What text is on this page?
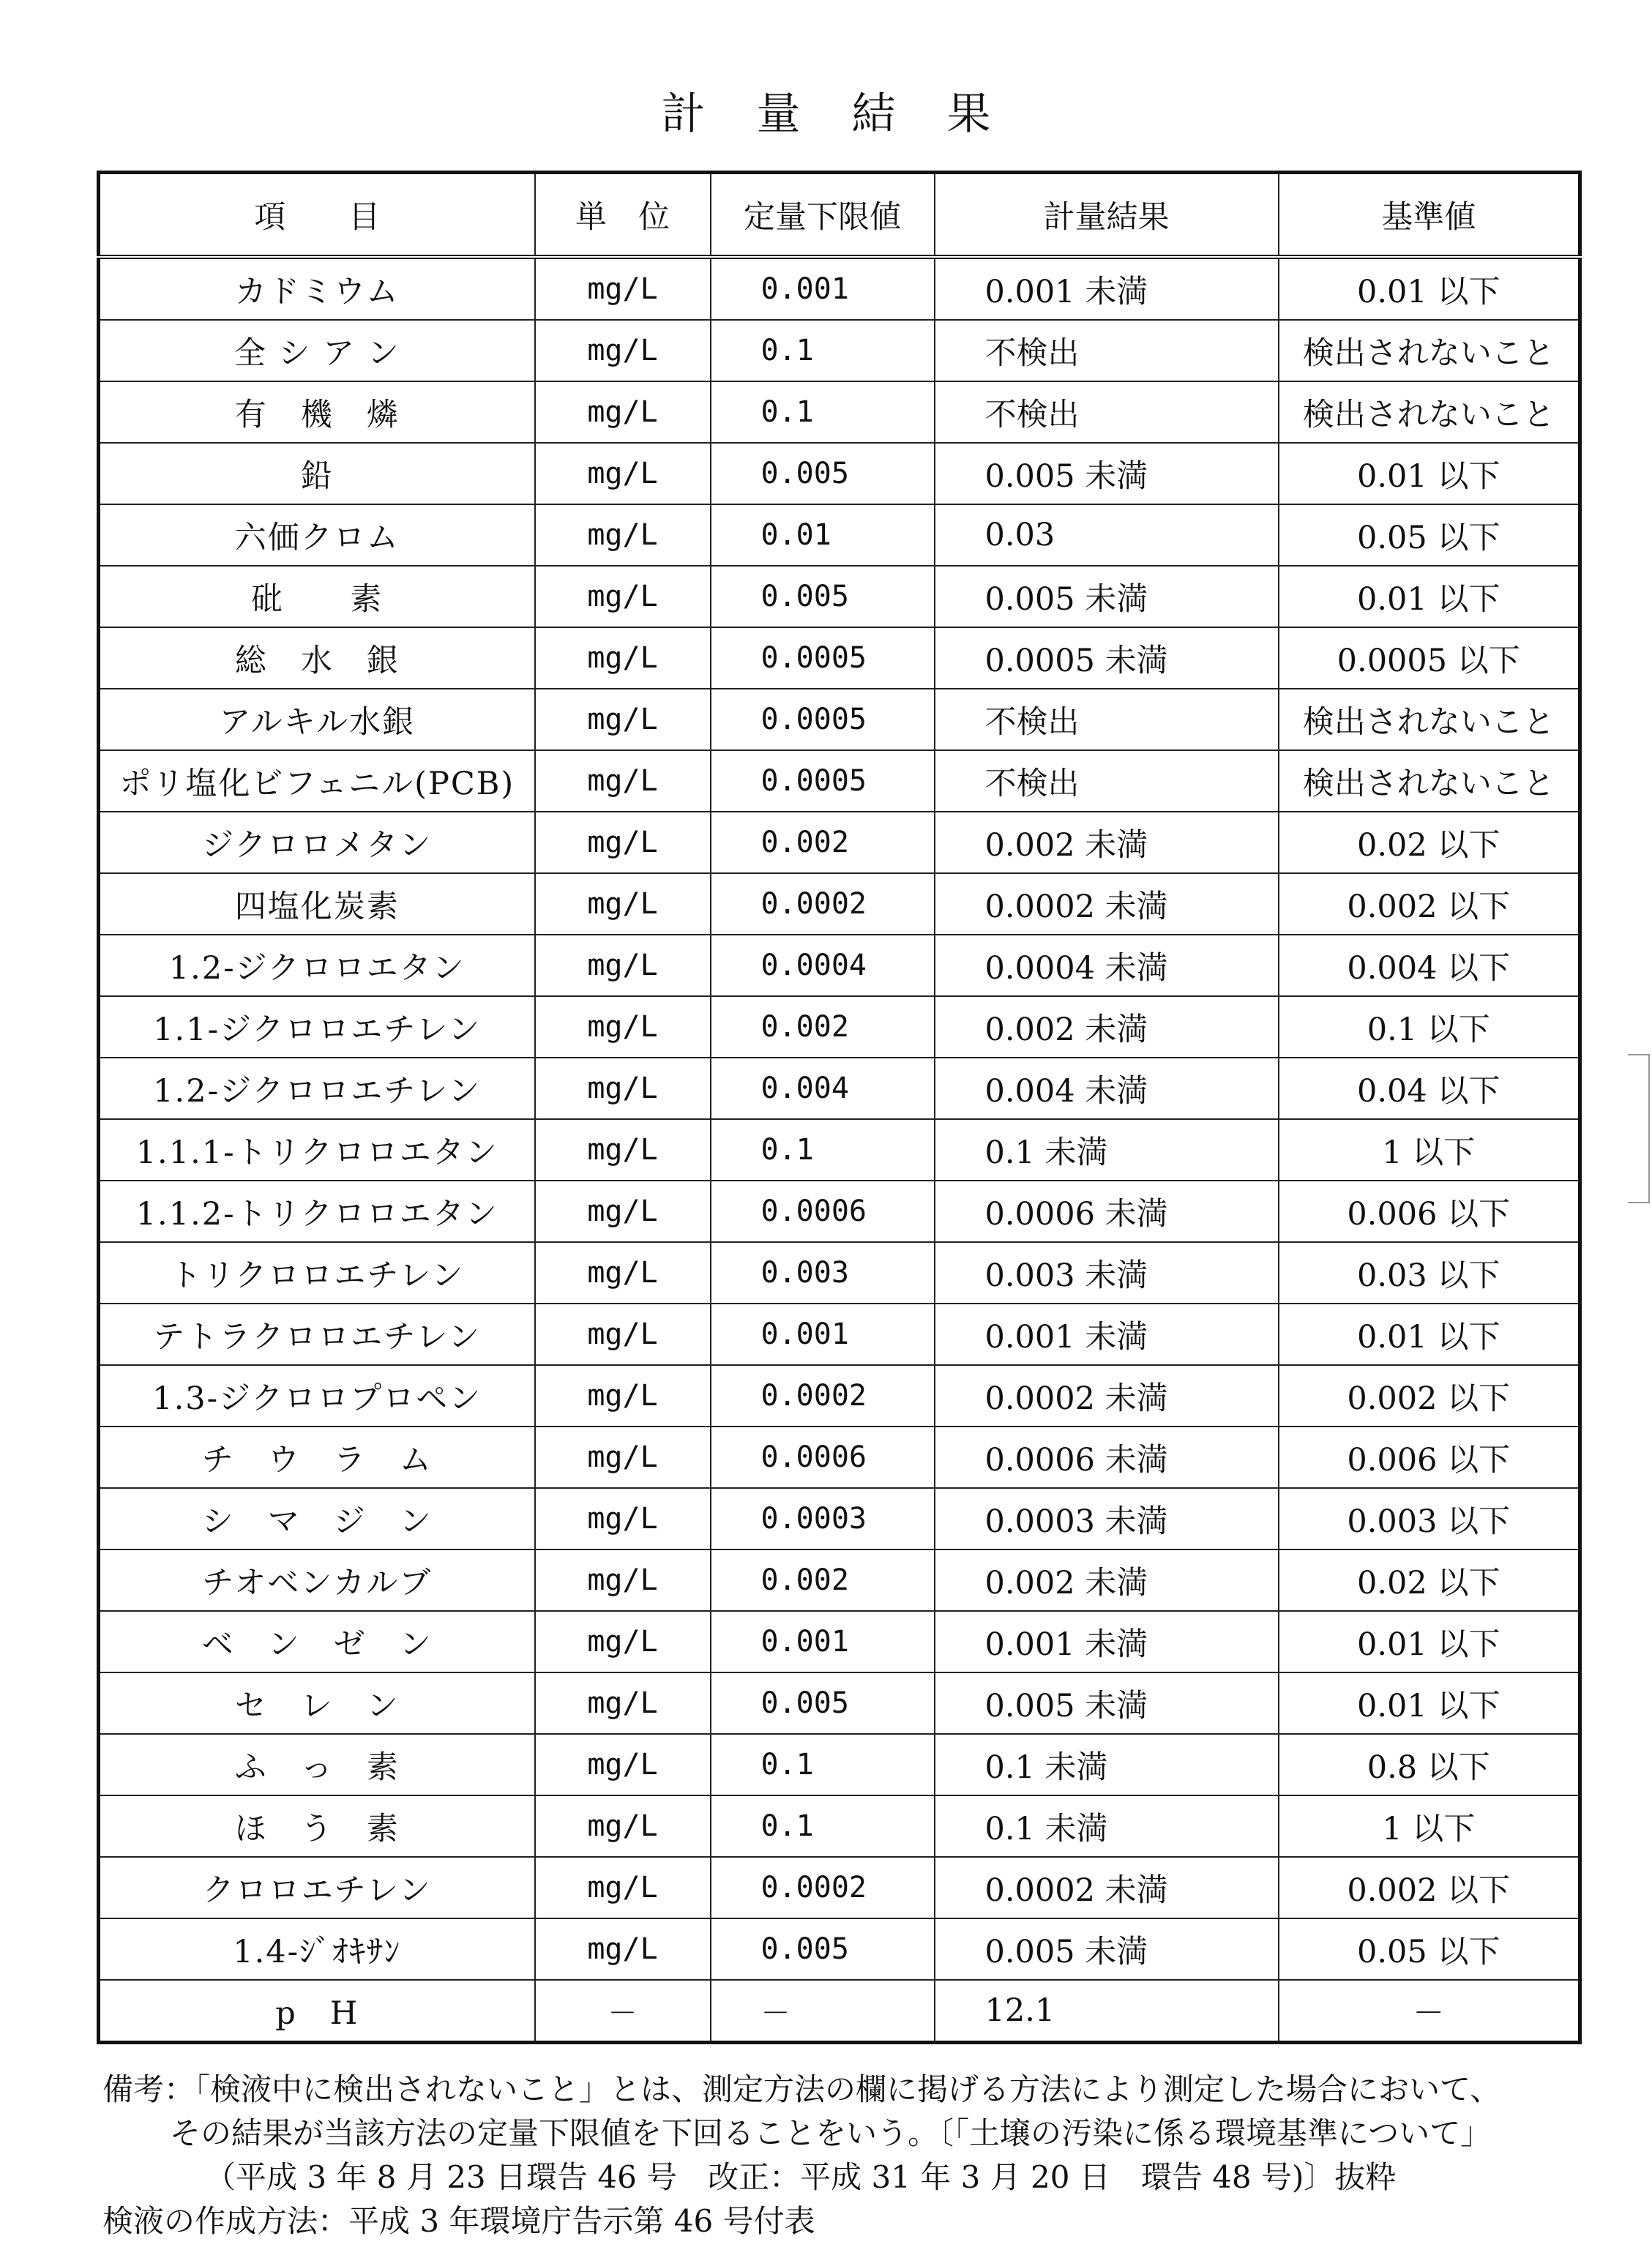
計量結果
項　　目	単　位	定量下限値	計量結果	基準値
カドミウム	mg/L	0.001	0.001 未満	0.01 以下
全 シ ア ン	mg/L	0.1	不検出	検出されないこと
有　機　燐	mg/L	0.1	不検出	検出されないこと
鉛	mg/L	0.005	0.005 未満	0.01 以下
六価クロム	mg/L	0.01	0.03	0.05 以下
砒　　素	mg/L	0.005	0.005 未満	0.01 以下
総　水　銀	mg/L	0.0005	0.0005 未満	0.0005 以下
アルキル水銀	mg/L	0.0005	不検出	検出されないこと
ポリ塩化ビフェニル(PCB)	mg/L	0.0005	不検出	検出されないこと
ジクロロメタン	mg/L	0.002	0.002 未満	0.02 以下
四塩化炭素	mg/L	0.0002	0.0002 未満	0.002 以下
1.2-ジクロロエタン	mg/L	0.0004	0.0004 未満	0.004 以下
1.1-ジクロロエチレン	mg/L	0.002	0.002 未満	0.1 以下
1.2-ジクロロエチレン	mg/L	0.004	0.004 未満	0.04 以下
1.1.1-トリクロロエタン	mg/L	0.1	0.1 未満	1 以下
1.1.2-トリクロロエタン	mg/L	0.0006	0.0006 未満	0.006 以下
トリクロロエチレン	mg/L	0.003	0.003 未満	0.03 以下
テトラクロロエチレン	mg/L	0.001	0.001 未満	0.01 以下
1.3-ジクロロプロペン	mg/L	0.0002	0.0002 未満	0.002 以下
チ　ウ　ラ　ム	mg/L	0.0006	0.0006 未満	0.006 以下
シ　マ　ジ　ン	mg/L	0.0003	0.0003 未満	0.003 以下
チオベンカルブ	mg/L	0.002	0.002 未満	0.02 以下
ベ　ン　ゼ　ン	mg/L	0.001	0.001 未満	0.01 以下
セ　レ　ン	mg/L	0.005	0.005 未満	0.01 以下
ふ　っ　素	mg/L	0.1	0.1 未満	0.8 以下
ほ　う　素	mg/L	0.1	0.1 未満	1 以下
クロロエチレン	mg/L	0.0002	0.0002 未満	0.002 以下
1.4-ｼﾞｵｷｻﾝ	mg/L	0.005	0.005 未満	0.05 以下
p　H	－	－	12.1	－

備考：「検液中に検出されないこと」とは、測定方法の欄に掲げる方法により測定した場合において、

その結果が当該方法の定量下限値を下回ることをいう。〔「土壌の汚染に係る環境基準について」

（平成 3 年 8 月 23 日環告 46 号　改正：平成 31 年 3 月 20 日　環告 48 号)〕抜粋

検液の作成方法：平成 3 年環境庁告示第 46 号付表
